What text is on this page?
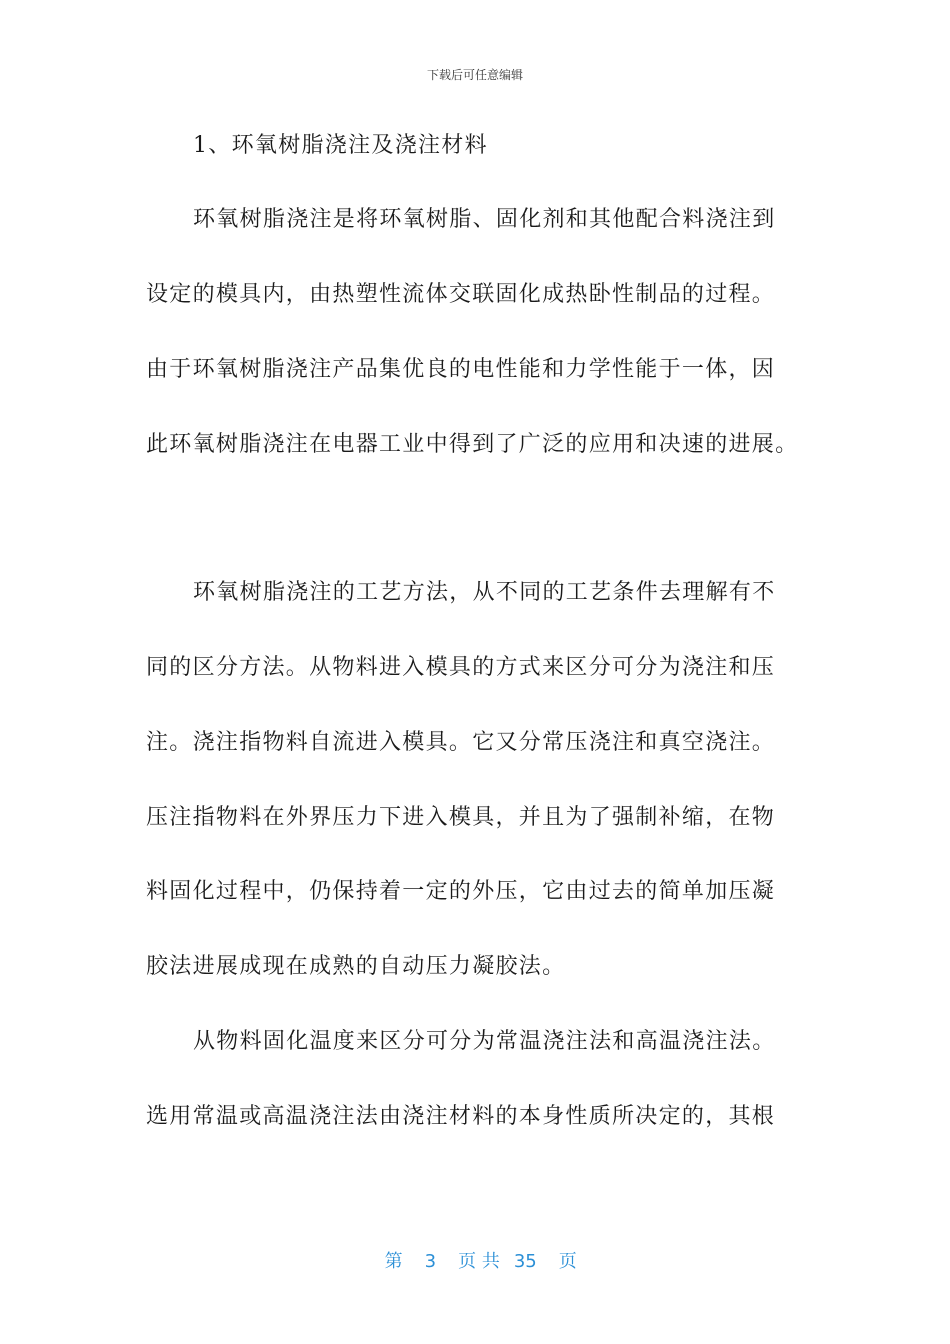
下载后可任意编辑
1、环氧树脂浇注及浇注材料
环氧树脂浇注是将环氧树脂、固化剂和其他配合料浇注到
设定的模具内，由热塑性流体交联固化成热卧性制品的过程。
由于环氧树脂浇注产品集优良的电性能和力学性能于一体，因
此环氧树脂浇注在电器工业中得到了广泛的应用和决速的进展。
环氧树脂浇注的工艺方法，从不同的工艺条件去理解有不
同的区分方法。从物料进入模具的方式来区分可分为浇注和压
注。浇注指物料自流进入模具。它又分常压浇注和真空浇注。
压注指物料在外界压力下进入模具，并且为了强制补缩，在物
料固化过程中，仍保持着一定的外压，它由过去的简单加压凝
胶法进展成现在成熟的自动压力凝胶法。
从物料固化温度来区分可分为常温浇注法和高温浇注法。
选用常温或高温浇注法由浇注材料的本身性质所决定的，其根

第 3 页 共 35 页
